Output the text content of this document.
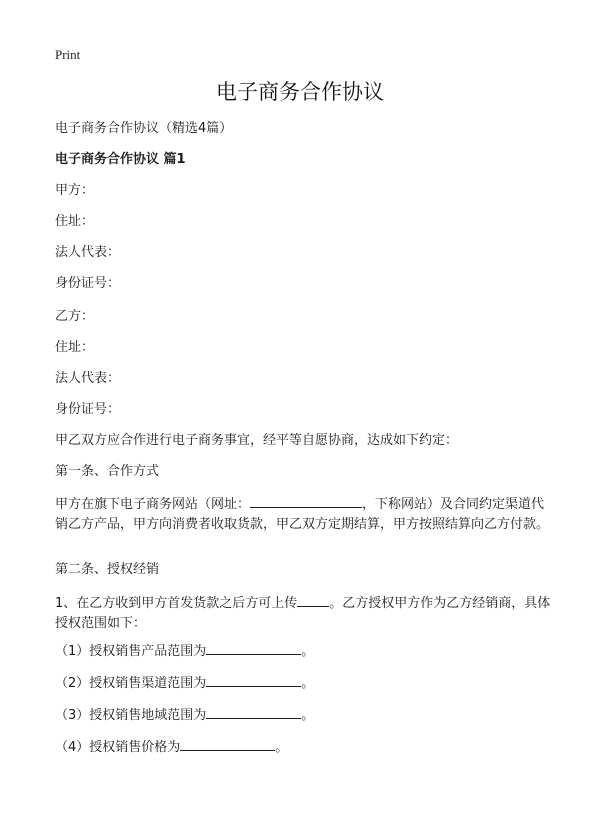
Print
电子商务合作协议

电子商务合作协议（精选4篇）

电子商务合作协议 篇1

甲方：

住址：

法人代表：

身份证号：

乙方：

住址：

法人代表：

身份证号：

甲乙双方应合作进行电子商务事宜，经平等自愿协商，达成如下约定：

第一条、合作方式

甲方在旗下电子商务网站（网址：	，下称网站）及合同约定渠道代销乙方产品，甲方向消费者收取货款，甲乙双方定期结算，甲方按照结算向乙方付款。

第二条、授权经销

1、在乙方收到甲方首发货款之后方可上传 。乙方授权甲方作为乙方经销商，具体授权范围如下：

（1）授权销售产品范围为	。

（2）授权销售渠道范围为	。

（3）授权销售地域范围为	。

（4）授权销售价格为	。
